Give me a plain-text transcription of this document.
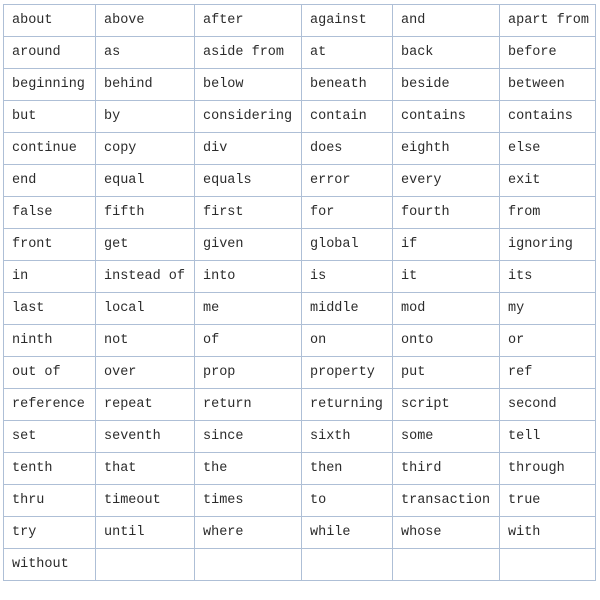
about	above	after	against	and	apart from
around	as	aside from	at	back	before
beginning	behind	below	beneath	beside	between
but	by	considering	contain	contains	contains
continue	copy	div	does	eighth	else
end	equal	equals	error	every	exit
false	fifth	first	for	fourth	from
front	get	given	global	if	ignoring
in	instead of	into	is	it	its
last	local	me	middle	mod	my
ninth	not	of	on	onto	or
out of	over	prop	property	put	ref
reference	repeat	return	returning	script	second
set	seventh	since	sixth	some	tell
tenth	that	the	then	third	through
thru	timeout	times	to	transaction	true
try	until	where	while	whose	with
without					
